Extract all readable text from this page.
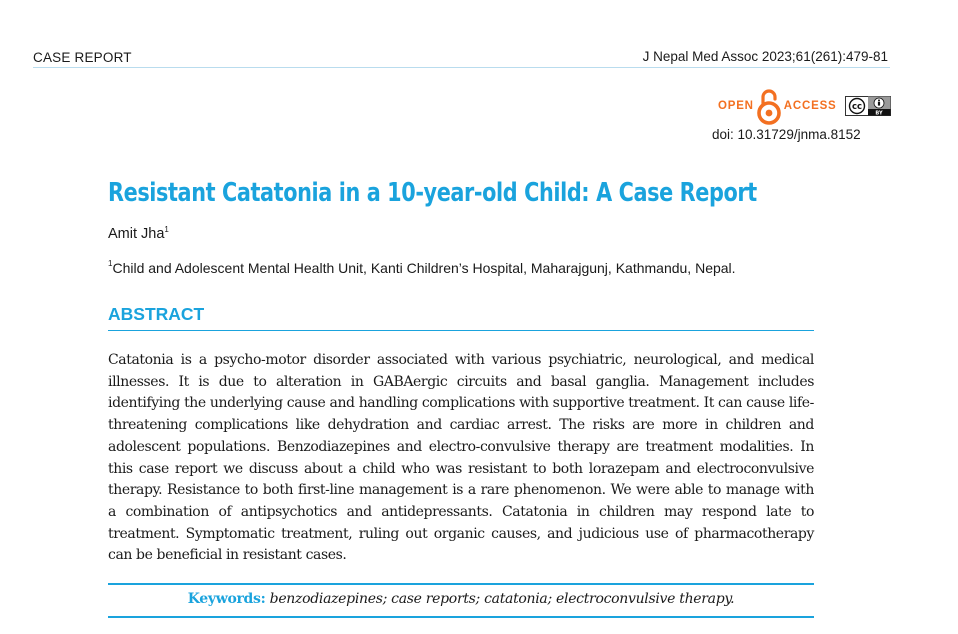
CASE REPORT	J Nepal Med Assoc 2023;61(261):479-81
OPEN	ACCESS cc
BY
doi: 10.31729/jnma.8152
Resistant Catatonia in a 10-year-old Child: A Case Report
Amit Jha$^1$
$^1$Child and Adolescent Mental Health Unit, Kanti Children’s Hospital, Maharajgunj, Kathmandu, Nepal.
ABSTRACT
Catatonia is a psycho-motor disorder associated with various psychiatric, neurological, and medical illnesses. It is due to alteration in GABAergic circuits and basal ganglia. Management includes identifying the underlying cause and handling complications with supportive treatment. It can cause life-threatening complications like dehydration and cardiac arrest. The risks are more in children and adolescent populations. Benzodiazepines and electro-convulsive therapy are treatment modalities. In this case report we discuss about a child who was resistant to both lorazepam and electroconvulsive therapy. Resistance to both first-line management is a rare phenomenon. We were able to manage with a combination of antipsychotics and antidepressants. Catatonia in children may respond late to treatment. Symptomatic treatment, ruling out organic causes, and judicious use of pharmacotherapy can be beneficial in resistant cases.
Keywords: benzodiazepines; case reports; catatonia; electroconvulsive therapy.
